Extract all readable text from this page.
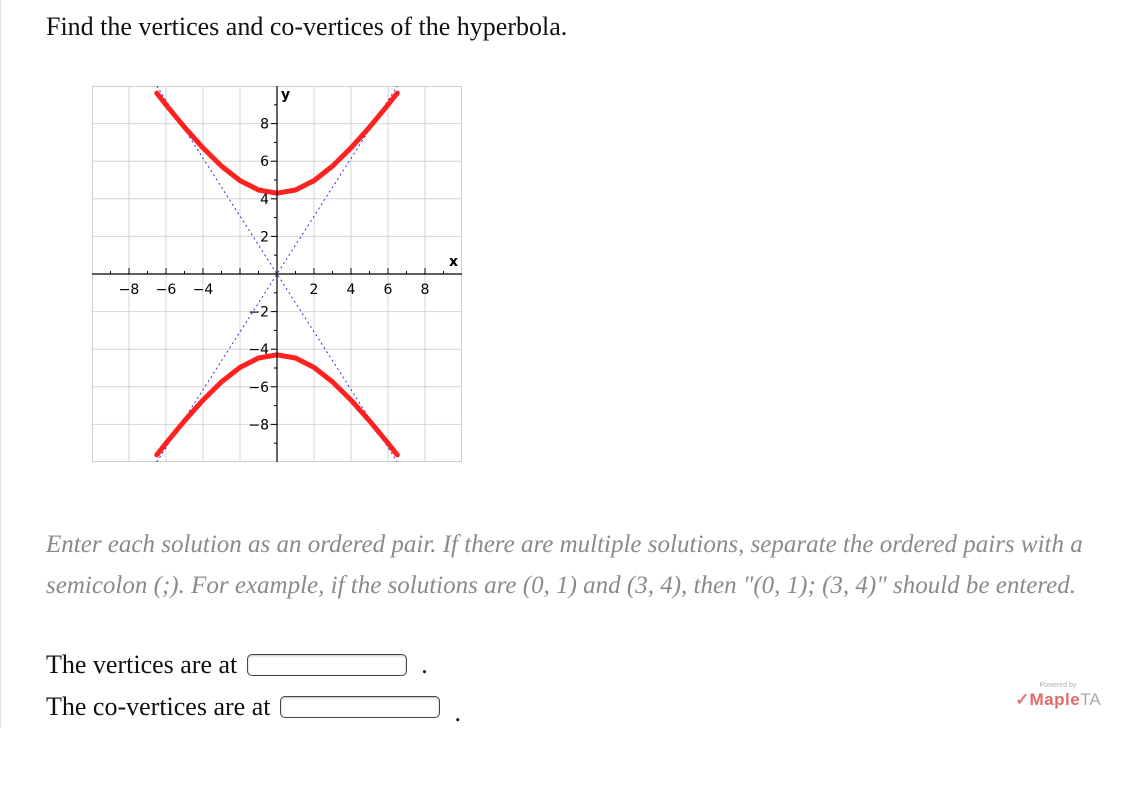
Find the vertices and co-vertices of the hyperbola.
−8 −6 −4	2 4 6 8
8
6
4
2
−2
−4
−6
−8
x
y

Enter each solution as an ordered pair. If there are multiple solutions, separate the ordered pairs with a semicolon (;). For example, if the solutions are (0, 1) and (3, 4), then "(0, 1); (3, 4)" should be entered.

The vertices are at	.
The co-vertices are at	.
Powered by
✓MapleTA
